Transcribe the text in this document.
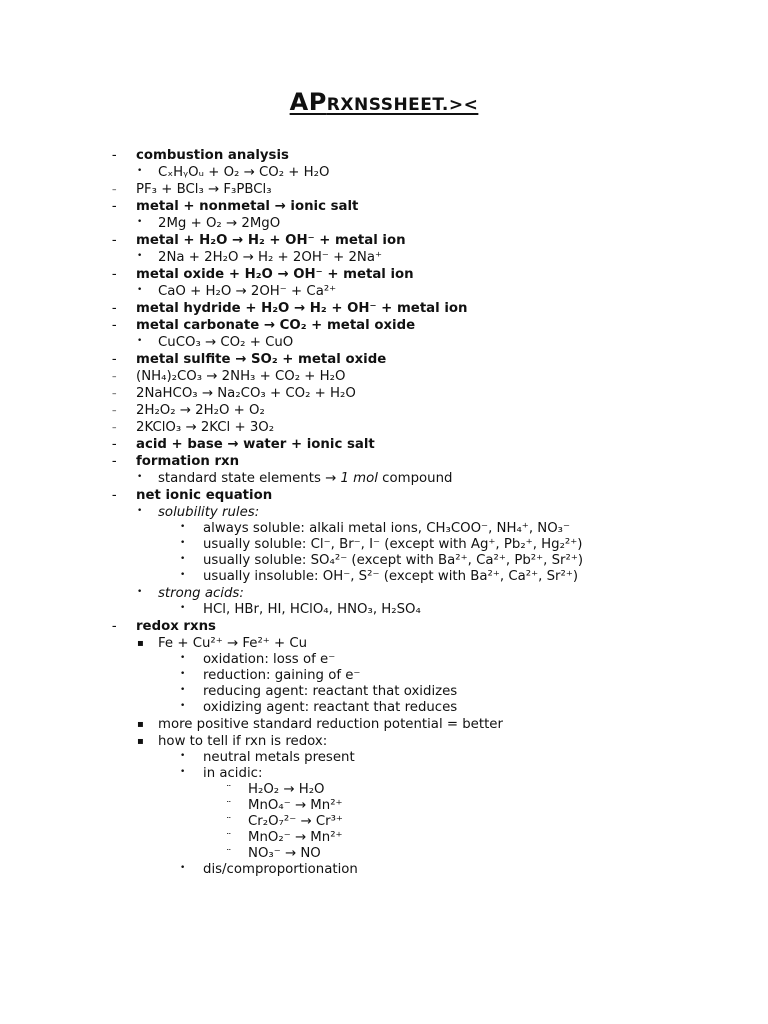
APRXNSSHEET.><
–
combustion analysis
•
CₓHᵧOᵤ + O₂ → CO₂ + H₂O
–
PF₃ + BCl₃ → F₃PBCl₃
–
metal + nonmetal → ionic salt
•
2Mg + O₂ → 2MgO
–
metal + H₂O → H₂ + OH⁻ + metal ion
•
2Na + 2H₂O → H₂ + 2OH⁻ + 2Na⁺
–
metal oxide + H₂O → OH⁻ + metal ion
•
CaO + H₂O → 2OH⁻ + Ca²⁺
–
metal hydride + H₂O → H₂ + OH⁻ + metal ion
–
metal carbonate → CO₂ + metal oxide
•
CuCO₃ → CO₂ + CuO
–
metal sulfite → SO₂ + metal oxide
–
(NH₄)₂CO₃ → 2NH₃ + CO₂ + H₂O
–
2NaHCO₃ → Na₂CO₃ + CO₂ + H₂O
–
2H₂O₂ → 2H₂O + O₂
–
2KClO₃ → 2KCl + 3O₂
–
acid + base → water + ionic salt
–
formation rxn
•
standard state elements → 1 mol compound
–
net ionic equation
•
solubility rules:
•
always soluble: alkali metal ions, CH₃COO⁻, NH₄⁺, NO₃⁻
•
usually soluble: Cl⁻, Br⁻, I⁻ (except with Ag⁺, Pb₂⁺, Hg₂²⁺)
•
usually soluble: SO₄²⁻ (except with Ba²⁺, Ca²⁺, Pb²⁺, Sr²⁺)
•
usually insoluble: OH⁻, S²⁻ (except with Ba²⁺, Ca²⁺, Sr²⁺)
•
strong acids:
•
HCl, HBr, HI, HClO₄, HNO₃, H₂SO₄
–
redox rxns
▪
Fe + Cu²⁺ → Fe²⁺ + Cu
•
oxidation: loss of e⁻
•
reduction: gaining of e⁻
•
reducing agent: reactant that oxidizes
•
oxidizing agent: reactant that reduces
▪
more positive standard reduction potential = better
▪
how to tell if rxn is redox:
•
neutral metals present
•
in acidic:
¨
H₂O₂ → H₂O
¨
MnO₄⁻ → Mn²⁺
¨
Cr₂O₇²⁻ → Cr³⁺
¨
MnO₂⁻ → Mn²⁺
¨
NO₃⁻ → NO
•
dis/comproportionation
